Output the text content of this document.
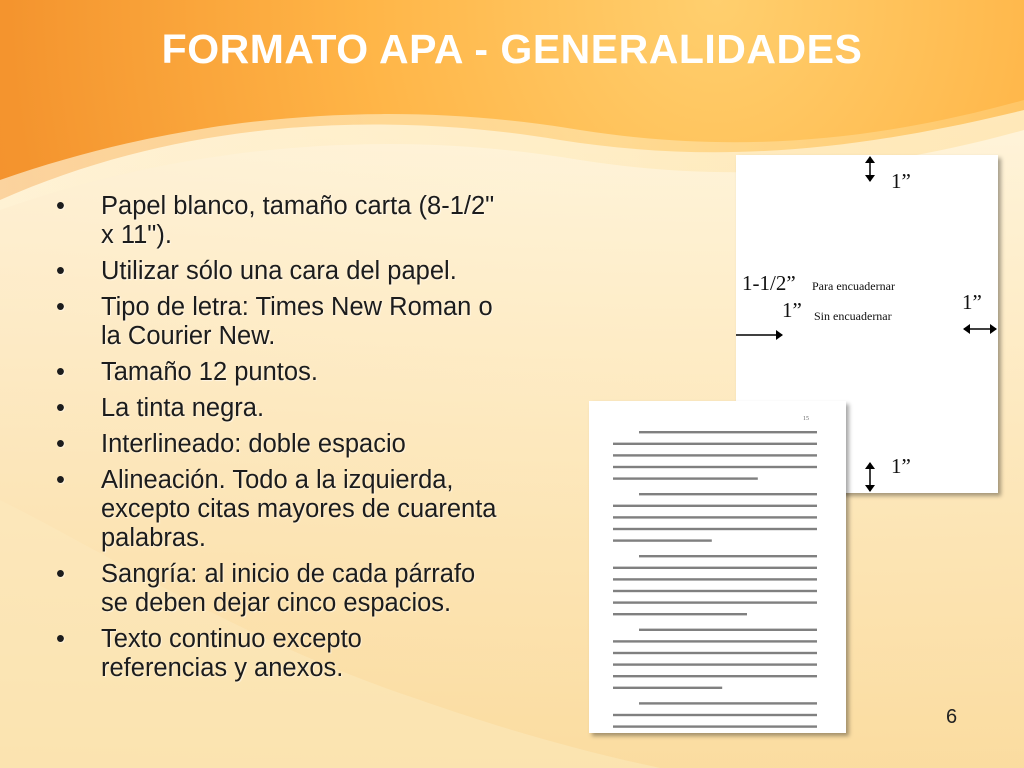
FORMATO APA - GENERALIDADES
• Papel blanco, tamaño carta (8-1/2"
x 11").
• Utilizar sólo una cara del papel.
• Tipo de letra: Times New Roman o
la Courier New.
• Tamaño 12 puntos.
• La tinta negra.
• Interlineado: doble espacio
• Alineación. Todo a la izquierda,
excepto citas mayores de cuarenta
palabras.
• Sangría: al inicio de cada párrafo
se deben dejar cinco espacios.
• Texto continuo excepto
referencias y anexos.
1”
1-1/2” Para encuadernar
1” Sin encuadernar
1”
1”
15
6
